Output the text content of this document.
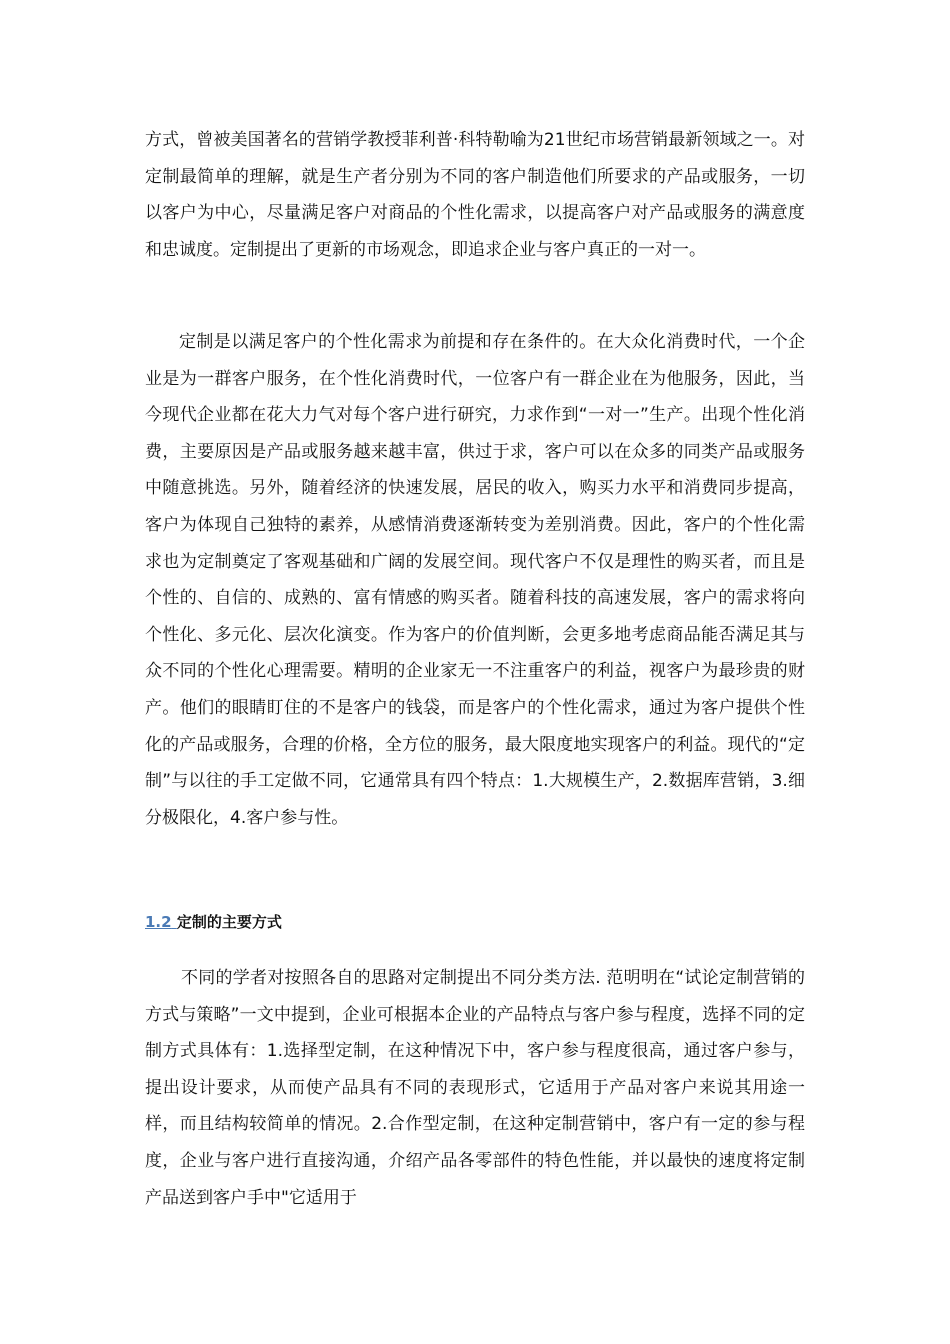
方式，曾被美国著名的营销学教授菲利普·科特勒喻为21世纪市场营销最新领域之一。对定制最简单的理解，就是生产者分别为不同的客户制造他们所要求的产品或服务，一切以客户为中心，尽量满足客户对商品的个性化需求，以提高客户对产品或服务的满意度和忠诚度。定制提出了更新的市场观念，即追求企业与客户真正的一对一。

定制是以满足客户的个性化需求为前提和存在条件的。在大众化消费时代，一个企业是为一群客户服务，在个性化消费时代，一位客户有一群企业在为他服务，因此，当今现代企业都在花大力气对每个客户进行研究，力求作到“一对一”生产。出现个性化消费，主要原因是产品或服务越来越丰富，供过于求，客户可以在众多的同类产品或服务中随意挑选。另外，随着经济的快速发展，居民的收入，购买力水平和消费同步提高，客户为体现自己独特的素养，从感情消费逐渐转变为差别消费。因此，客户的个性化需求也为定制奠定了客观基础和广阔的发展空间。现代客户不仅是理性的购买者，而且是个性的、自信的、成熟的、富有情感的购买者。随着科技的高速发展，客户的需求将向个性化、多元化、层次化演变。作为客户的价值判断，会更多地考虑商品能否满足其与众不同的个性化心理需要。精明的企业家无一不注重客户的利益，视客户为最珍贵的财产。他们的眼睛盯住的不是客户的钱袋，而是客户的个性化需求，通过为客户提供个性化的产品或服务，合理的价格，全方位的服务，最大限度地实现客户的利益。现代的“定制”与以往的手工定做不同，它通常具有四个特点：1.大规模生产，2.数据库营销，3.细分极限化，4.客户参与性。

1.2 定制的主要方式

不同的学者对按照各自的思路对定制提出不同分类方法. 范明明在“试论定制营销的方式与策略”一文中提到，企业可根据本企业的产品特点与客户参与程度，选择不同的定制方式具体有：1.选择型定制，在这种情况下中，客户参与程度很高，通过客户参与，提出设计要求，从而使产品具有不同的表现形式，它适用于产品对客户来说其用途一样，而且结构较简单的情况。2.合作型定制，在这种定制营销中，客户有一定的参与程度，企业与客户进行直接沟通，介绍产品各零部件的特色性能，并以最快的速度将定制产品送到客户手中"它适用于
